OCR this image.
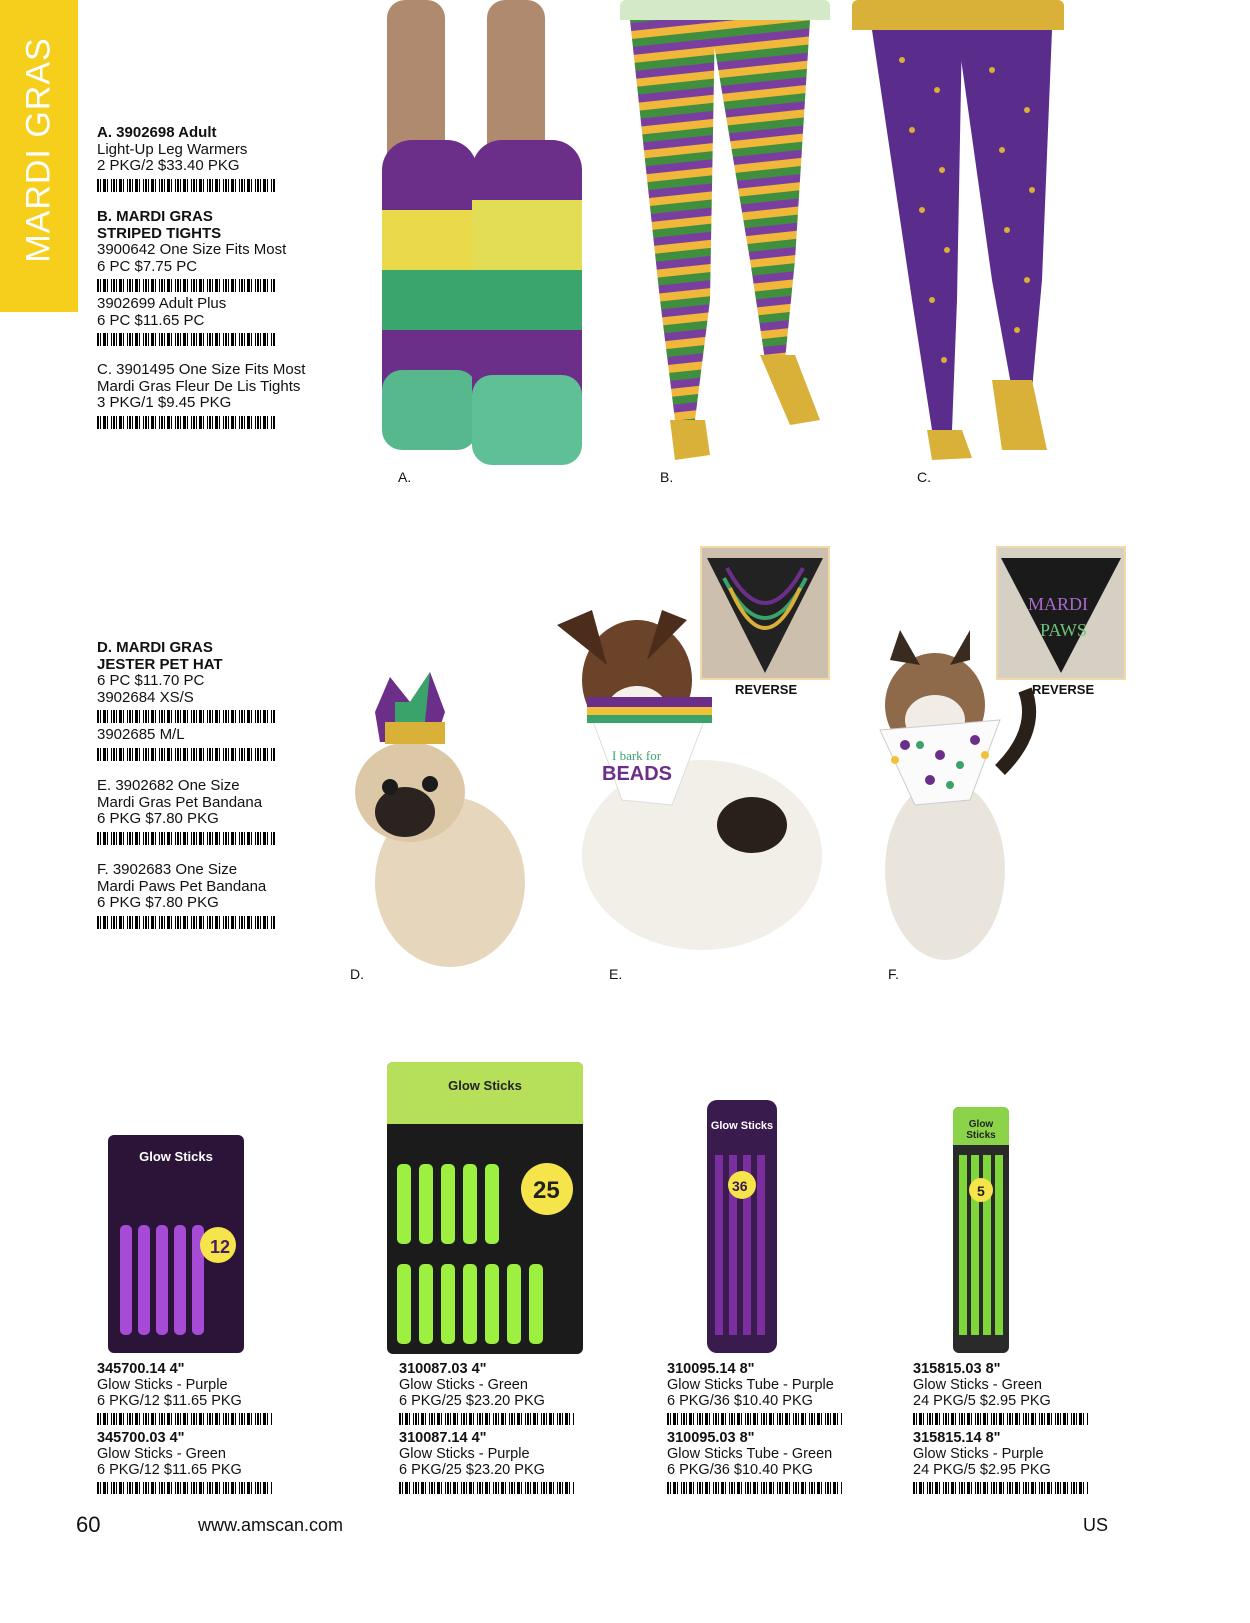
MARDI GRAS	A. 3902698 Adult
Light-Up Leg Warmers
2 PKG/2 $33.40 PKG
B. MARDI GRAS
STRIPED TIGHTS
3900642 One Size Fits Most
6 PC $7.75 PC
3902699 Adult Plus
6 PC $11.65 PC
C. 3901495 One Size Fits Most
Mardi Gras Fleur De Lis Tights
3 PKG/1 $9.45 PKG
A.	B.	C.
D. MARDI GRAS
JESTER PET HAT
6 PC $11.70 PC
3902684 XS/S
3902685 M/L
E. 3902682 One Size
Mardi Gras Pet Bandana
6 PKG $7.80 PKG
F. 3902683 One Size
Mardi Paws Pet Bandana
6 PKG $7.80 PKG
I bark for
BEADS
REVERSE
MARDI
PAWS
REVERSE
D.	E.	F.
Glow Sticks
12
Glow Sticks
25
Glow Sticks
36
Glow Sticks
5
345700.14 4"
Glow Sticks - Purple
6 PKG/12 $11.65 PKG
345700.03 4"
Glow Sticks - Green
6 PKG/12 $11.65 PKG
310087.03 4"
Glow Sticks - Green
6 PKG/25 $23.20 PKG
310087.14 4"
Glow Sticks - Purple
6 PKG/25 $23.20 PKG
310095.14 8"
Glow Sticks Tube - Purple
6 PKG/36 $10.40 PKG
310095.03 8"
Glow Sticks Tube - Green
6 PKG/36 $10.40 PKG
315815.03 8"
Glow Sticks - Green
24 PKG/5 $2.95 PKG
315815.14 8"
Glow Sticks - Purple
24 PKG/5 $2.95 PKG
60	www.amscan.com	US
